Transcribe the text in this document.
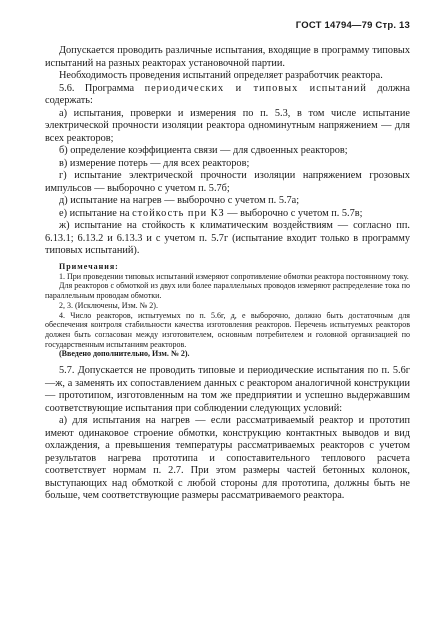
ГОСТ 14794—79 Стр. 13

Допускается проводить различные испытания, входящие в программу типовых испытаний на разных реакторах установочной партии.

Необходимость проведения испытаний определяет разработчик реактора.

5.6. Программа периодических и типовых испытаний должна содержать:

а) испытания, проверки и измерения по п. 5.3, в том числе испытание электрической прочности изоляции реактора одноминутным напряжением — для всех реакторов;

б) определение коэффициента связи — для сдвоенных реакторов;

в) измерение потерь — для всех реакторов;

г) испытание электрической прочности изоляции напряжением грозовых импульсов — выборочно с учетом п. 5.7б;

д) испытание на нагрев — выборочно с учетом п. 5.7а;

е) испытание на стойкость при КЗ — выборочно с учетом п. 5.7в;

ж) испытание на стойкость к климатическим воздействиям — согласно пп. 6.13.1; 6.13.2 и 6.13.3 и с учетом п. 5.7г (испытание входит только в программу типовых испытаний).

Примечания:

1. При проведении типовых испытаний измеряют сопротивление обмотки реактора постоянному току.

Для реакторов с обмоткой из двух или более параллельных проводов измеряют распределение тока по параллельным проводам обмотки.

2, 3. (Исключены, Изм. № 2).

4. Число реакторов, испытуемых по п. 5.6г, д, е выборочно, должно быть достаточным для обеспечения контроля стабильности качества изготовления реакторов. Перечень испытуемых реакторов должен быть согласован между изготовителем, основным потребителем и головной организацией по государственным испытаниям реакторов.

(Введено дополнительно, Изм. № 2).

5.7. Допускается не проводить типовые и периодические испытания по п. 5.6г—ж, а заменять их сопоставлением данных с реактором аналогичной конструкции — прототипом, изготовленным на том же предприятии и успешно выдержавшим соответствующие испытания при соблюдении следующих условий:

а) для испытания на нагрев — если рассматриваемый реактор и прототип имеют одинаковое строение обмотки, конструкцию контактных выводов и вид охлаждения, а превышения температуры рассматриваемых реакторов с учетом результатов нагрева прототипа и сопоставительного теплового расчета соответствует нормам п. 2.7. При этом размеры частей бетонных колонок, выступающих над обмоткой с любой стороны для прототипа, должны быть не больше, чем соответствующие размеры рассматриваемого реактора.
